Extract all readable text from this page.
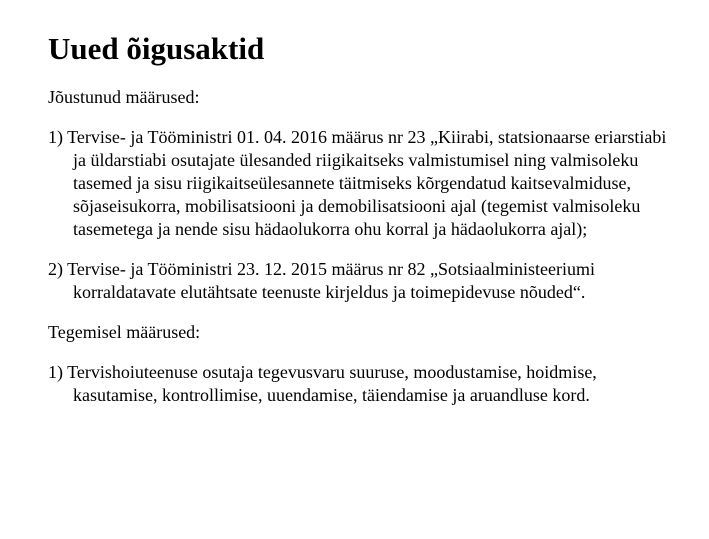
Uued õigusaktid

Jõustunud määrused:

1) Tervise- ja Tööministri 01. 04. 2016 määrus nr 23 „Kiirabi, statsionaarse eriarstiabi ja üldarstiabi osutajate ülesanded riigikaitseks valmistumisel ning valmisoleku tasemed ja sisu riigikaitseülesannete täitmiseks kõrgendatud kaitsevalmiduse, sõjaseisukorra, mobilisatsiooni ja demobilisatsiooni ajal (tegemist valmisoleku tasemetega ja nende sisu hädaolukorra ohu korral ja hädaolukorra ajal);

2) Tervise- ja Tööministri 23. 12. 2015 määrus nr 82 „Sotsiaalministeeriumi korraldatavate elutähtsate teenuste kirjeldus ja toimepidevuse nõuded“.

Tegemisel määrused:

1) Tervishoiuteenuse osutaja tegevusvaru suuruse, moodustamise, hoidmise, kasutamise, kontrollimise, uuendamise, täiendamise ja aruandluse kord.
